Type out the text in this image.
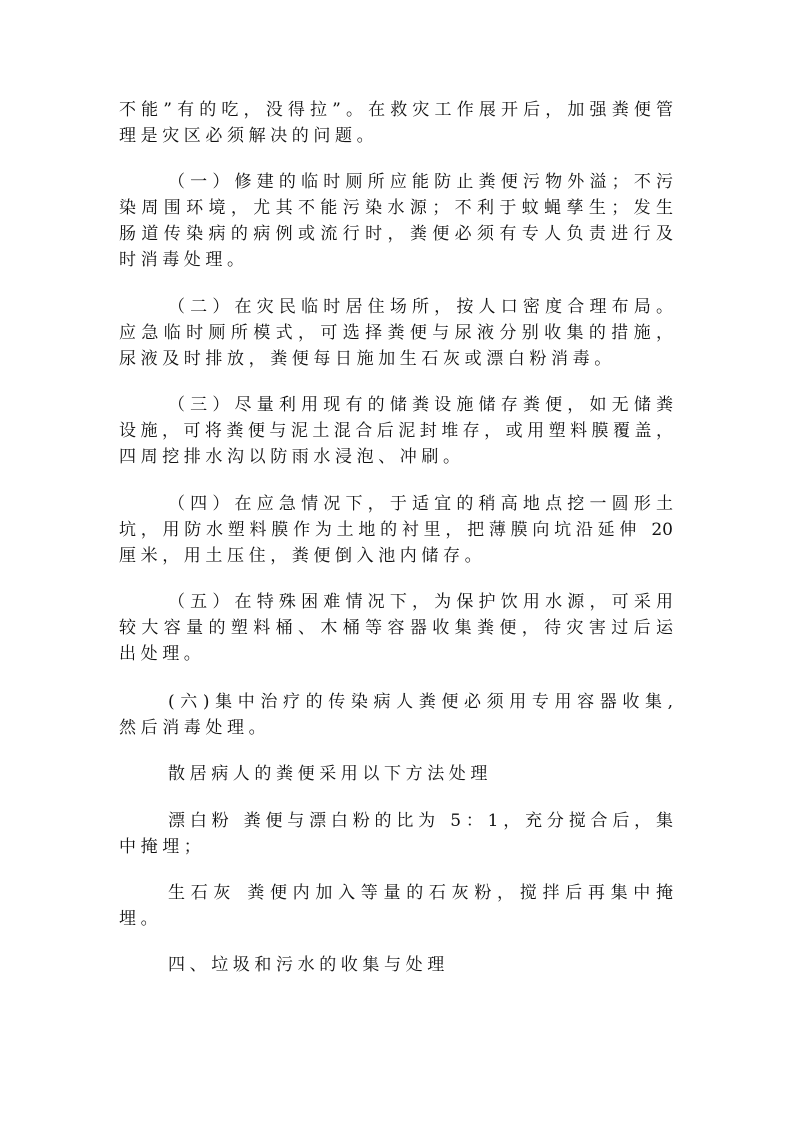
不能”有的吃，没得拉”。在救灾工作展开后，加强粪便管
理是灾区必须解决的问题。
（一）修建的临时厕所应能防止粪便污物外溢；不污
染周围环境，尤其不能污染水源；不利于蚊蝇孳生；发生
肠道传染病的病例或流行时，粪便必须有专人负责进行及
时消毒处理。
（二）在灾民临时居住场所，按人口密度合理布局。
应急临时厕所模式，可选择粪便与尿液分别收集的措施，
尿液及时排放，粪便每日施加生石灰或漂白粉消毒。
（三）尽量利用现有的储粪设施储存粪便，如无储粪
设施，可将粪便与泥土混合后泥封堆存，或用塑料膜覆盖，
四周挖排水沟以防雨水浸泡、冲刷。
（四）在应急情况下，于适宜的稍高地点挖一圆形土
坑，用防水塑料膜作为土地的衬里，把薄膜向坑沿延伸 20
厘米，用土压住，粪便倒入池内储存。
（五）在特殊困难情况下，为保护饮用水源，可采用
较大容量的塑料桶、木桶等容器收集粪便，待灾害过后运
出处理。
(六)集中治疗的传染病人粪便必须用专用容器收集,
然后消毒处理。
散居病人的粪便采用以下方法处理
漂白粉 粪便与漂白粉的比为 5：1，充分搅合后，集
中掩埋；
生石灰 粪便内加入等量的石灰粉，搅拌后再集中掩
埋。
四、垃圾和污水的收集与处理
